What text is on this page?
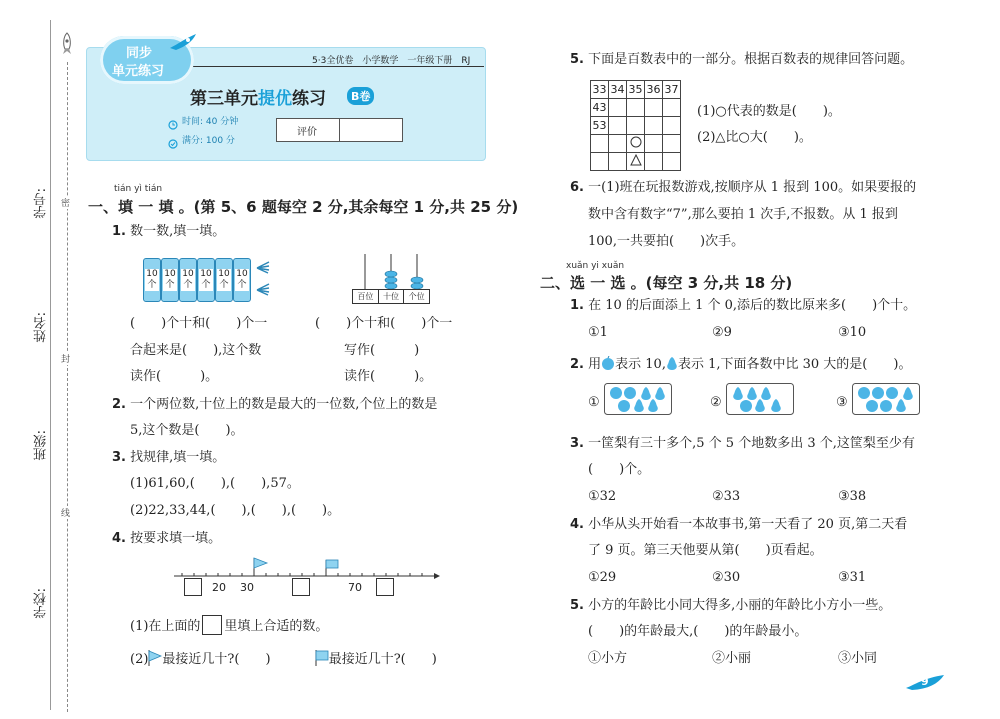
学号:
姓名:
班级:
学校:
密
封
线
同步
单元练习
5·3全优卷　小学数学　一年级下册　RJ
第三单元提优练习	B卷
时间: 40 分钟
满分: 100 分
评价
tián yì tián
一、填 一 填 。(第 5、6 题每空 2 分,其余每空 1 分,共 25 分)
1. 数一数,填一填。
10
个
10
个
10
个
10
个
10
个
10
个
百位	十位	个位
(　　)个十和(　　)个一	(　　)个十和(　　)个一
合起来是(　　),这个数	写作(　　　)
读作(　　　)。	读作(　　　)。
2. 一个两位数,十位上的数是最大的一位数,个位上的数是
5,这个数是(　　)。
3. 找规律,填一填。
(1)61,60,(　　),(　　),57。
(2)22,33,44,(　　),(　　),(　　)。
4. 按要求填一填。
20 30	70
(1)在上面的 里填上合适的数。
(2) 最接近几十?(　　)	最接近几十?(　　)
5. 下面是百数表中的一部分。根据百数表的规律回答问题。
33	34	35	36	37
43				
53				

(1)○代表的数是(　　)。
(2)△比○大(　　)。
6. 一(1)班在玩报数游戏,按顺序从 1 报到 100。如果要报的
数中含有数字“7”,那么要拍 1 次手,不报数。从 1 报到
100,一共要拍(　　)次手。
xuǎn yi xuǎn
二、选 一 选 。(每空 3 分,共 18 分)
1. 在 10 的后面添上 1 个 0,添后的数比原来多(　　)个十。
①1	②9	③10
2. 用 表示 10, 表示 1,下面各数中比 30 大的是(　　)。
①	②	③
3. 一筐梨有三十多个,5 个 5 个地数多出 3 个,这筐梨至少有
(　　)个。
①32	②33	③38
4. 小华从头开始看一本故事书,第一天看了 20 页,第二天看
了 9 页。第三天他要从第(　　)页看起。
①29	②30	③31
5. 小方的年龄比小同大得多,小丽的年龄比小方小一些。
(　　)的年龄最大,(　　)的年龄最小。
①小方	②小丽	③小同
9
